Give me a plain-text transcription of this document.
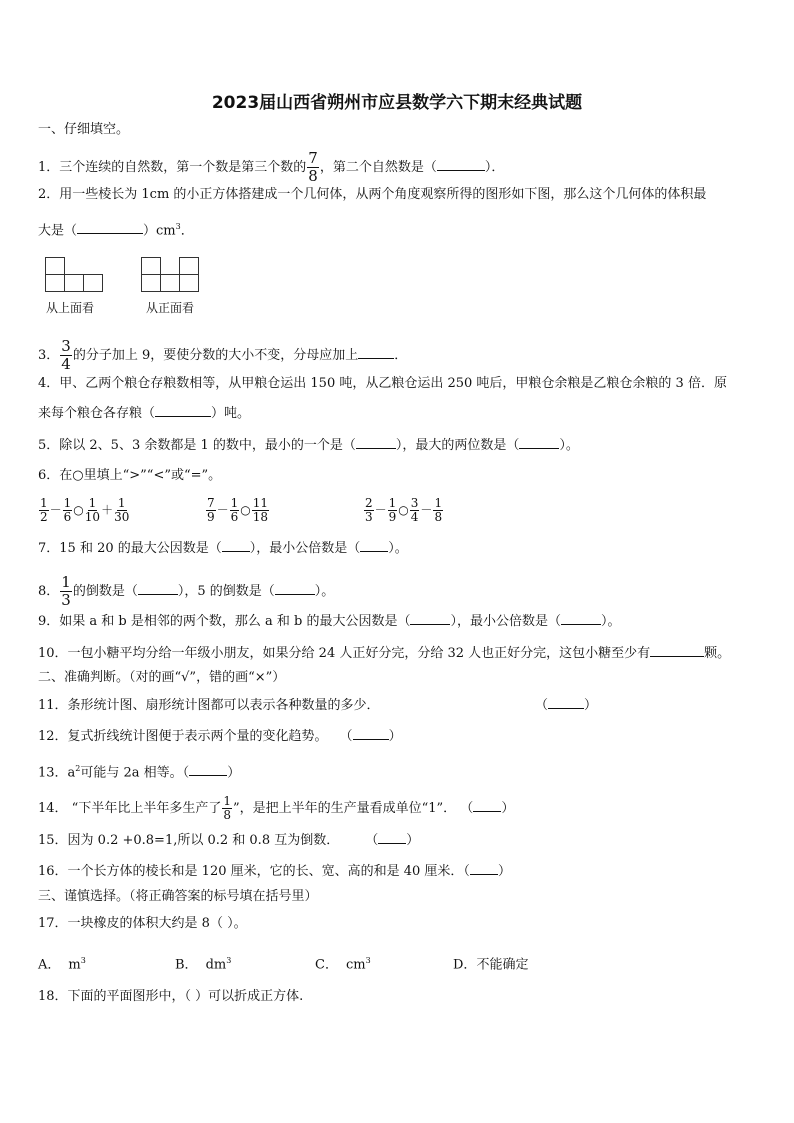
2023届山西省朔州市应县数学六下期末经典试题
一、仔细填空。
1．三个连续的自然数，第一个数是第三个数的 $\frac{7}{8}$ ，第二个自然数是（	）．
2．用一些棱长为 1cm 的小正方体搭建成一个几何体，从两个角度观察所得的图形如下图，那么这个几何体的体积最
大是（	）$cm^3$．
从上面看	从正面看
3． $\frac{3}{4}$ 的分子加上 9，要使分数的大小不变，分母应加上	．
4．甲、乙两个粮仓存粮数相等，从甲粮仓运出 150 吨，从乙粮仓运出 250 吨后，甲粮仓余粮是乙粮仓余粮的 3 倍．原
来每个粮仓各存粮（	）吨。
5．除以 2、5、3 余数都是 1 的数中，最小的一个是（	），最大的两位数是（	）。
6．在○里填上“>”“<”或“=”。
$\frac{1}{2} - \frac{1}{6}$ ○ $\frac{1}{10} + \frac{1}{30}$	$\frac{7}{9} - \frac{1}{6}$ ○ $\frac{11}{18}$	$\frac{2}{3} - \frac{1}{9}$ ○ $\frac{3}{4} - \frac{1}{8}$
7．15 和 20 的最大公因数是（ ），最小公倍数是（ ）。
8． $\frac{1}{3}$ 的倒数是（	），5 的倒数是（	）。
9．如果 a 和 b 是相邻的两个数，那么 a 和 b 的最大公因数是（	），最小公倍数是（	）。
10．一包小糖平均分给一年级小朋友，如果分给 24 人正好分完，分给 32 人也正好分完，这包小糖至少有	颗。
二、准确判断。（对的画“√”，错的画“×”）
11．条形统计图、扇形统计图都可以表示各种数量的多少．	（	）
12．复式折线统计图便于表示两个量的变化趋势。 （	）
13．$a^2$可能与 2a 相等。（	）
14． “下半年比上半年多生产了 $\frac{1}{8}$ ”，是把上半年的生产量看成单位“1”． （ ）
15．因为 0.2 +0.8=1,所以 0.2 和 0.8 互为倒数． （ ）
16．一个长方体的棱长和是 120 厘米，它的长、宽、高的和是 40 厘米．（ ）
三、谨慎选择。（将正确答案的标号填在括号里）
17．一块橡皮的体积大约是 8（ ）。
A． $m^3$	B． $dm^3$	C． $cm^3$	D．不能确定
18．下面的平面图形中，（ ）可以折成正方体.
